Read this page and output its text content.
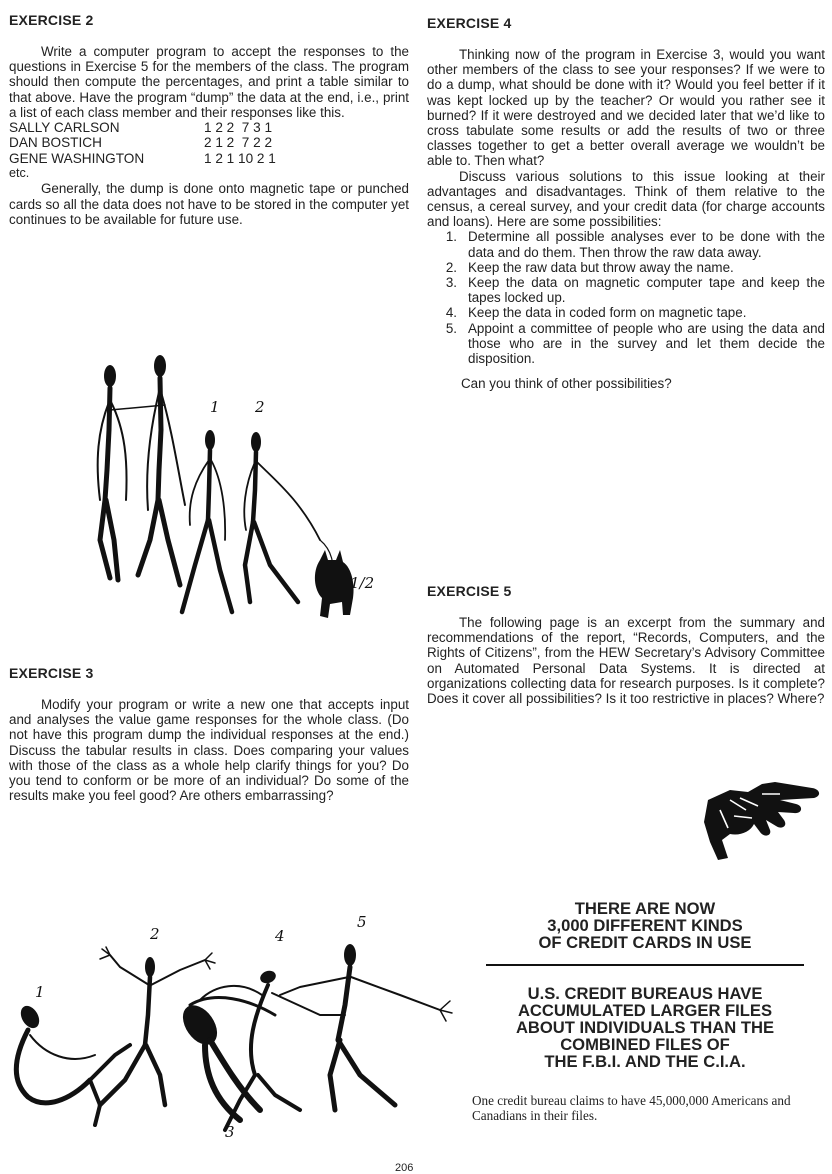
EXERCISE 2

Write a computer program to accept the responses to the questions in Exercise 5 for the members of the class. The program should then compute the percentages, and print a table similar to that above. Have the program “dump” the data at the end, i.e., print a list of each class member and their responses like this.

SALLY CARLSON	1 2 2  7 3 1
DAN BOSTICH	2 1 2  7 2 2
GENE WASHINGTON	1 2 1 10 2 1

etc.

Generally, the dump is done onto magnetic tape or punched cards so all the data does not have to be stored in the computer yet continues to be available for future use.

1 2
1/2

EXERCISE 3

Modify your program or write a new one that accepts input and analyses the value game responses for the whole class. (Do not have this program dump the individual responses at the end.) Discuss the tabular results in class. Does comparing your values with those of the class as a whole help clarify things for you? Do you tend to conform or be more of an individual? Do some of the results make you feel good? Are others embarrassing?

1
2
3
4
5

EXERCISE 4

Thinking now of the program in Exercise 3, would you want other members of the class to see your responses? If we were to do a dump, what should be done with it? Would you feel better if it was kept locked up by the teacher? Or would you rather see it burned? If it were destroyed and we decided later that we’d like to cross tabulate some results or add the results of two or three classes together to get a better overall average we wouldn’t be able to. Then what?

Discuss various solutions to this issue looking at their advantages and disadvantages. Think of them relative to the census, a cereal survey, and your credit data (for charge accounts and loans). Here are some possibilities:

1. Determine all possible analyses ever to be done with the data and do them. Then throw the raw data away.
2. Keep the raw data but throw away the name.
3. Keep the data on magnetic computer tape and keep the tapes locked up.
4. Keep the data in coded form on magnetic tape.
5. Appoint a committee of people who are using the data and those who are in the survey and let them decide the disposition.

Can you think of other possibilities?

EXERCISE 5

The following page is an excerpt from the summary and recommendations of the report, “Records, Computers, and the Rights of Citizens”, from the HEW Secretary’s Advisory Committee on Automated Personal Data Systems. It is directed at organizations collecting data for research purposes. Is it complete? Does it cover all possibilities? Is it too restrictive in places? Where?

THERE ARE NOW
3,000 DIFFERENT KINDS
OF CREDIT CARDS IN USE

U.S. CREDIT BUREAUS HAVE
ACCUMULATED LARGER FILES
ABOUT INDIVIDUALS THAN THE
COMBINED FILES OF
THE F.B.I. AND THE C.I.A.

One credit bureau claims to have 45,000,000 Americans and Canadians in their files.

206
